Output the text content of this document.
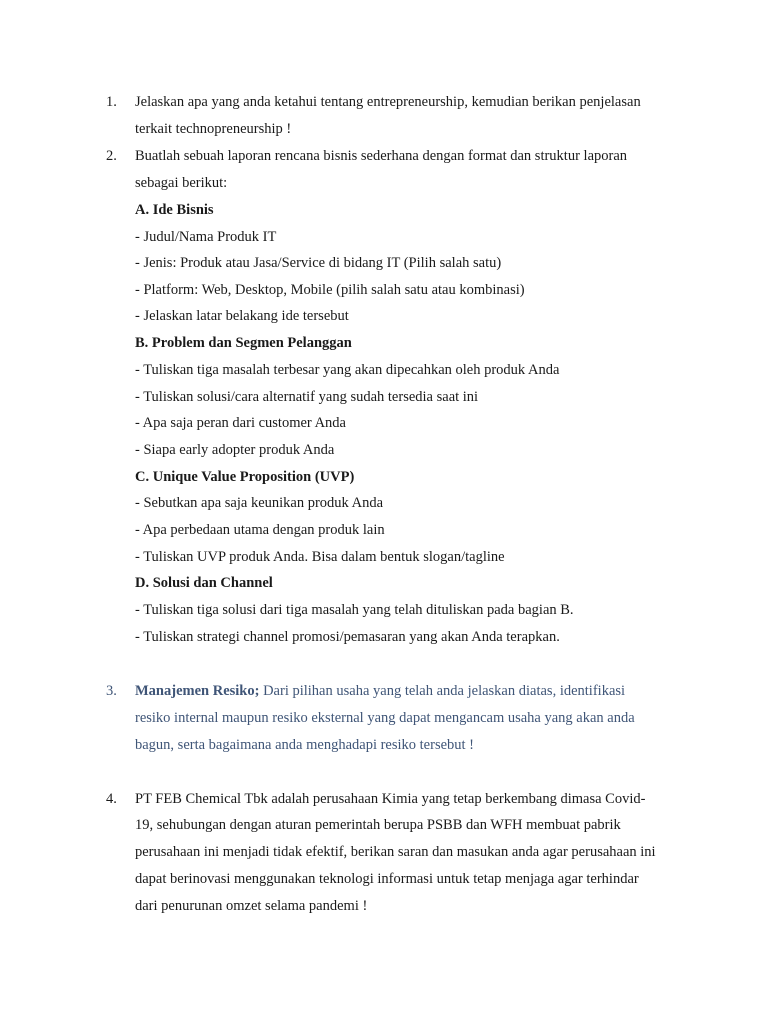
1. Jelaskan apa yang anda ketahui tentang entrepreneurship, kemudian berikan penjelasan
terkait technopreneurship !
2. Buatlah sebuah laporan rencana bisnis sederhana dengan format dan struktur laporan
sebagai berikut:
A. Ide Bisnis
- Judul/Nama Produk IT
- Jenis: Produk atau Jasa/Service di bidang IT (Pilih salah satu)
- Platform: Web, Desktop, Mobile (pilih salah satu atau kombinasi)
- Jelaskan latar belakang ide tersebut
B. Problem dan Segmen Pelanggan
- Tuliskan tiga masalah terbesar yang akan dipecahkan oleh produk Anda
- Tuliskan solusi/cara alternatif yang sudah tersedia saat ini
- Apa saja peran dari customer Anda
- Siapa early adopter produk Anda
C. Unique Value Proposition (UVP)
- Sebutkan apa saja keunikan produk Anda
- Apa perbedaan utama dengan produk lain
- Tuliskan UVP produk Anda. Bisa dalam bentuk slogan/tagline
D. Solusi dan Channel
- Tuliskan tiga solusi dari tiga masalah yang telah dituliskan pada bagian B.
- Tuliskan strategi channel promosi/pemasaran yang akan Anda terapkan.
3. Manajemen Resiko; Dari pilihan usaha yang telah anda jelaskan diatas, identifikasi
resiko internal maupun resiko eksternal yang dapat mengancam usaha yang akan anda
bagun, serta bagaimana anda menghadapi resiko tersebut !
4. PT FEB Chemical Tbk adalah perusahaan Kimia yang tetap berkembang dimasa Covid-
19, sehubungan dengan aturan pemerintah berupa PSBB dan WFH membuat pabrik
perusahaan ini menjadi tidak efektif, berikan saran dan masukan anda agar perusahaan ini
dapat berinovasi menggunakan teknologi informasi untuk tetap menjaga agar terhindar
dari penurunan omzet selama pandemi !
